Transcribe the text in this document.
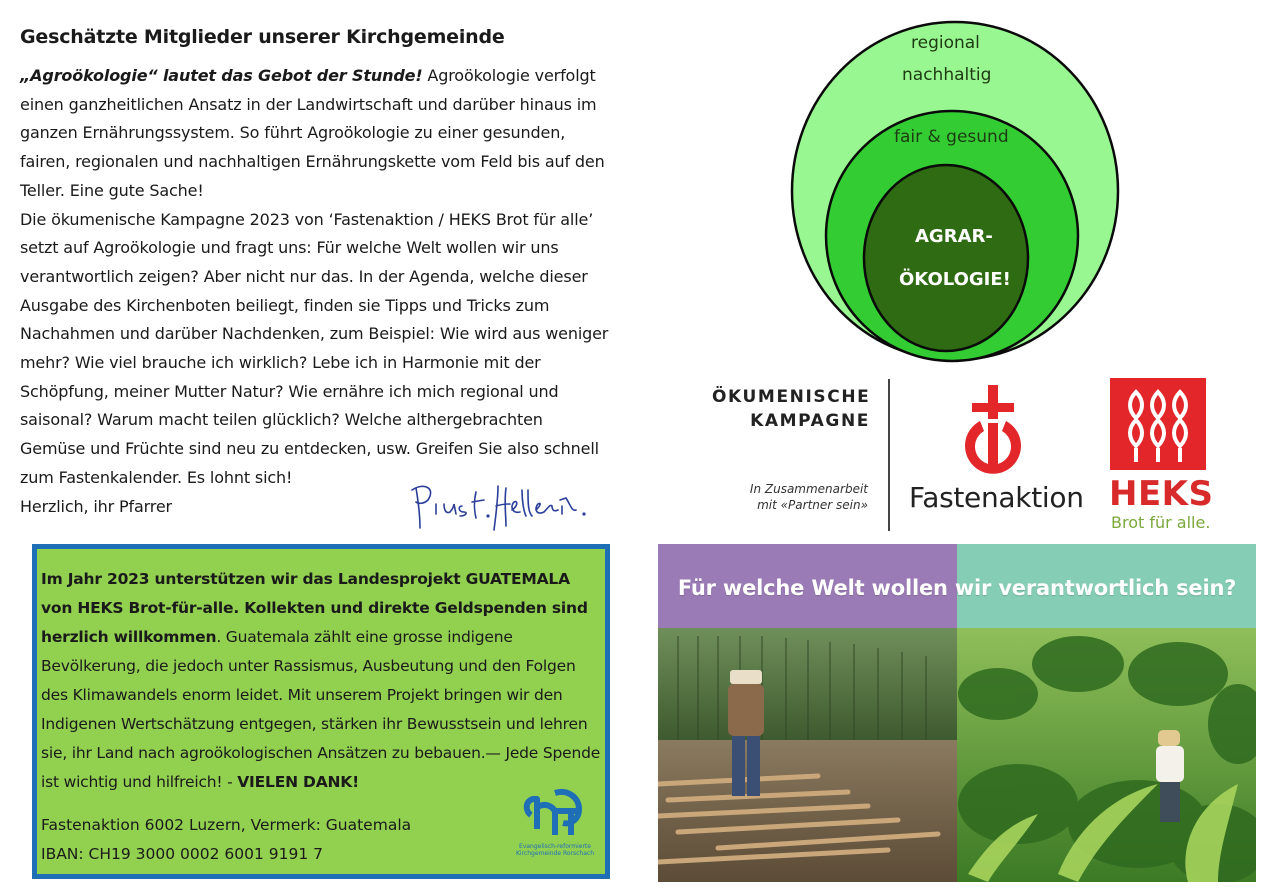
Geschätzte Mitglieder unserer Kirchgemeinde
„Agroökologie“ lautet das Gebot der Stunde! Agroökologie verfolgt einen ganzheitlichen Ansatz in der Landwirtschaft und darüber hinaus im ganzen Ernährungssystem. So führt Agroökologie zu einer gesunden, fairen, regionalen und nachhaltigen Ernährungskette vom Feld bis auf den Teller. Eine gute Sache!
Die ökumenische Kampagne 2023 von ‘Fastenaktion / HEKS Brot für alle’ setzt auf Agroökologie und fragt uns: Für welche Welt wollen wir uns verantwortlich zeigen? Aber nicht nur das. In der Agenda, welche dieser Ausgabe des Kirchenboten beiliegt, finden sie Tipps und Tricks zum Nachahmen und darüber Nachdenken, zum Beispiel: Wie wird aus weniger mehr? Wie viel brauche ich wirklich? Lebe ich in Harmonie mit der Schöpfung, meiner Mutter Natur? Wie ernähre ich mich regional und saisonal? Warum macht teilen glücklich? Welche althergebrachten Gemüse und Früchte sind neu zu entdecken, usw. Greifen Sie also schnell zum Fastenkalender. Es lohnt sich!
Herzlich, ihr Pfarrer
regional
nachhaltig
fair & gesund
AGRAR-
ÖKOLOGIE!
ÖKUMENISCHE
KAMPAGNE
In Zusammenarbeit
mit «Partner sein» Fastenaktion HEKS
Brot für alle.
Im Jahr 2023 unterstützen wir das Landesprojekt GUATEMALA von HEKS Brot-für-alle. Kollekten und direkte Geldspenden sind herzlich willkommen. Guatemala zählt eine grosse indigene Bevölkerung, die jedoch unter Rassismus, Ausbeutung und den Folgen des Klimawandels enorm leidet. Mit unserem Projekt bringen wir den Indigenen Wertschätzung entgegen, stärken ihr Bewusstsein und lehren sie, ihr Land nach agroökologischen Ansätzen zu bebauen.— Jede Spende ist wichtig und hilfreich! - VIELEN DANK!
Fastenaktion 6002 Luzern, Vermerk: Guatemala
IBAN: CH19 3000 0002 6001 9191 7	Evangelisch-reformierte
Kirchgemeinde Rorschach
Für welche Welt wollen wir verantwortlich sein?
